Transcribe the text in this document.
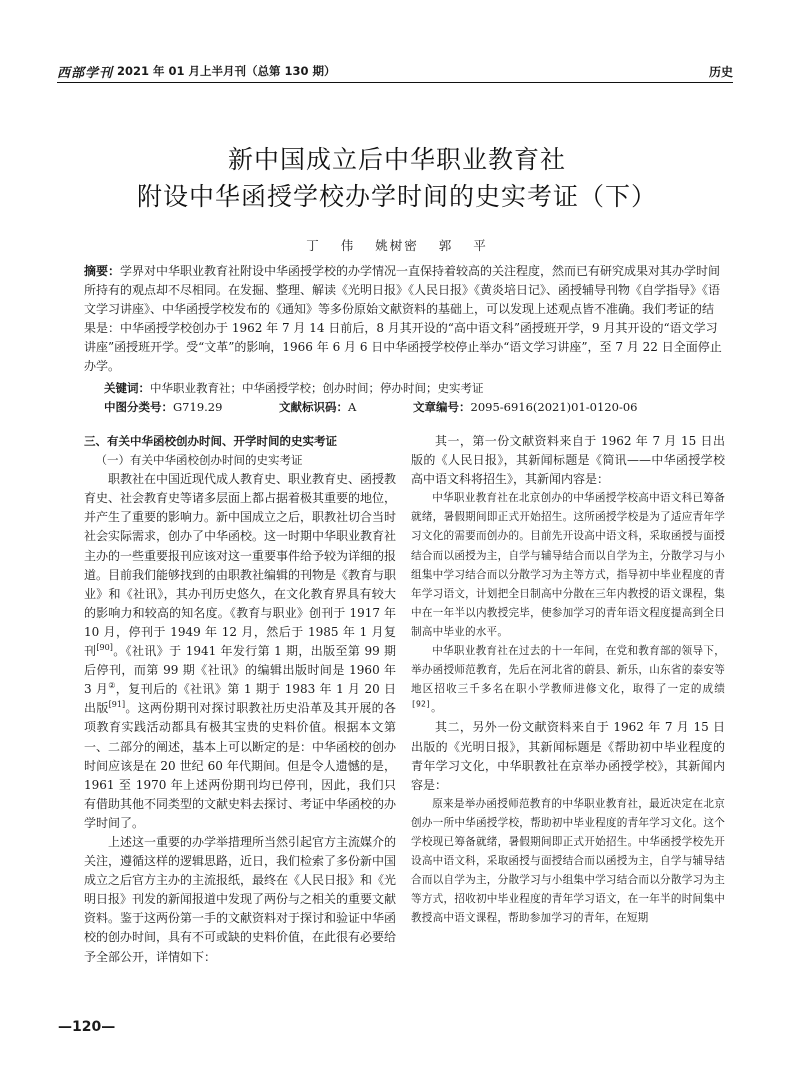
西部学刊 2021 年 01 月上半月刊（总第 130 期）	历史
新中国成立后中华职业教育社
附设中华函授学校办学时间的史实考证（下）
丁 伟 姚树密 郭 平
摘要：学界对中华职业教育社附设中华函授学校的办学情况一直保持着较高的关注程度，然而已有研究成果对其办学时间所持有的观点却不尽相同。在发掘、整理、解读《光明日报》《人民日报》《黄炎培日记》、函授辅导刊物《自学指导》《语文学习讲座》、中华函授学校发布的《通知》等多份原始文献资料的基础上，可以发现上述观点皆不准确。我们考证的结果是：中华函授学校创办于 1962 年 7 月 14 日前后，8 月其开设的“高中语文科”函授班开学，9 月其开设的“语文学习讲座”函授班开学。受“文革”的影响，1966 年 6 月 6 日中华函授学校停止举办“语文学习讲座”，至 7 月 22 日全面停止办学。
关键词：中华职业教育社；中华函授学校；创办时间；停办时间；史实考证
中图分类号：G719.29	文献标识码：A	文章编号：2095-6916(2021)01-0120-06

三、有关中华函校创办时间、开学时间的史实考证

（一）有关中华函校创办时间的史实考证

职教社在中国近现代成人教育史、职业教育史、函授教育史、社会教育史等诸多层面上都占据着极其重要的地位，并产生了重要的影响力。新中国成立之后，职教社切合当时社会实际需求，创办了中华函校。这一时期中华职业教育社主办的一些重要报刊应该对这一重要事件给予较为详细的报道。目前我们能够找到的由职教社编辑的刊物是《教育与职业》和《社讯》，其办刊历史悠久，在文化教育界具有较大的影响力和较高的知名度。《教育与职业》创刊于 1917 年 10 月，停刊于 1949 年 12 月，然后于 1985 年 1 月复刊[90]。《社讯》于 1941 年发行第 1 期，出版至第 99 期后停刊，而第 99 期《社讯》的编辑出版时间是 1960 年 3 月②，复刊后的《社讯》第 1 期于 1983 年 1 月 20 日出版[91]。这两份期刊对探讨职教社历史沿革及其开展的各项教育实践活动都具有极其宝贵的史料价值。根据本文第一、二部分的阐述，基本上可以断定的是：中华函校的创办时间应该是在 20 世纪 60 年代期间。但是令人遗憾的是，1961 至 1970 年上述两份期刊均已停刊，因此，我们只有借助其他不同类型的文献史料去探讨、考证中华函校的办学时间了。

上述这一重要的办学举措理所当然引起官方主流媒介的关注，遵循这样的逻辑思路，近日，我们检索了多份新中国成立之后官方主办的主流报纸，最终在《人民日报》和《光明日报》刊发的新闻报道中发现了两份与之相关的重要文献资料。鉴于这两份第一手的文献资料对于探讨和验证中华函校的创办时间，具有不可或缺的史料价值，在此很有必要给予全部公开，详情如下：

其一，第一份文献资料来自于 1962 年 7 月 15 日出版的《人民日报》，其新闻标题是《简讯——中华函授学校高中语文科将招生》，其新闻内容是：

中华职业教育社在北京创办的中华函授学校高中语文科已筹备就绪，暑假期间即正式开始招生。这所函授学校是为了适应青年学习文化的需要而创办的。目前先开设高中语文科，采取函授与面授结合而以函授为主，自学与辅导结合而以自学为主，分散学习与小组集中学习结合而以分散学习为主等方式，指导初中毕业程度的青年学习语文，计划把全日制高中分散在三年内教授的语文课程，集中在一年半以内教授完毕，使参加学习的青年语文程度提高到全日制高中毕业的水平。

中华职业教育社在过去的十一年间，在党和教育部的领导下，举办函授师范教育，先后在河北省的蔚县、新乐，山东省的泰安等地区招收三千多名在职小学教师进修文化，取得了一定的成绩[92]。

其二，另外一份文献资料来自于 1962 年 7 月 15 日出版的《光明日报》，其新闻标题是《帮助初中毕业程度的青年学习文化，中华职教社在京举办函授学校》，其新闻内容是：

原来是举办函授师范教育的中华职业教育社，最近决定在北京创办一所中华函授学校，帮助初中毕业程度的青年学习文化。这个学校现已筹备就绪，暑假期间即正式开始招生。中华函授学校先开设高中语文科，采取函授与面授结合而以函授为主，自学与辅导结合而以自学为主，分散学习与小组集中学习结合而以分散学习为主等方式，招收初中毕业程度的青年学习语文，在一年半的时间集中教授高中语文课程，帮助参加学习的青年，在短期

—120—
